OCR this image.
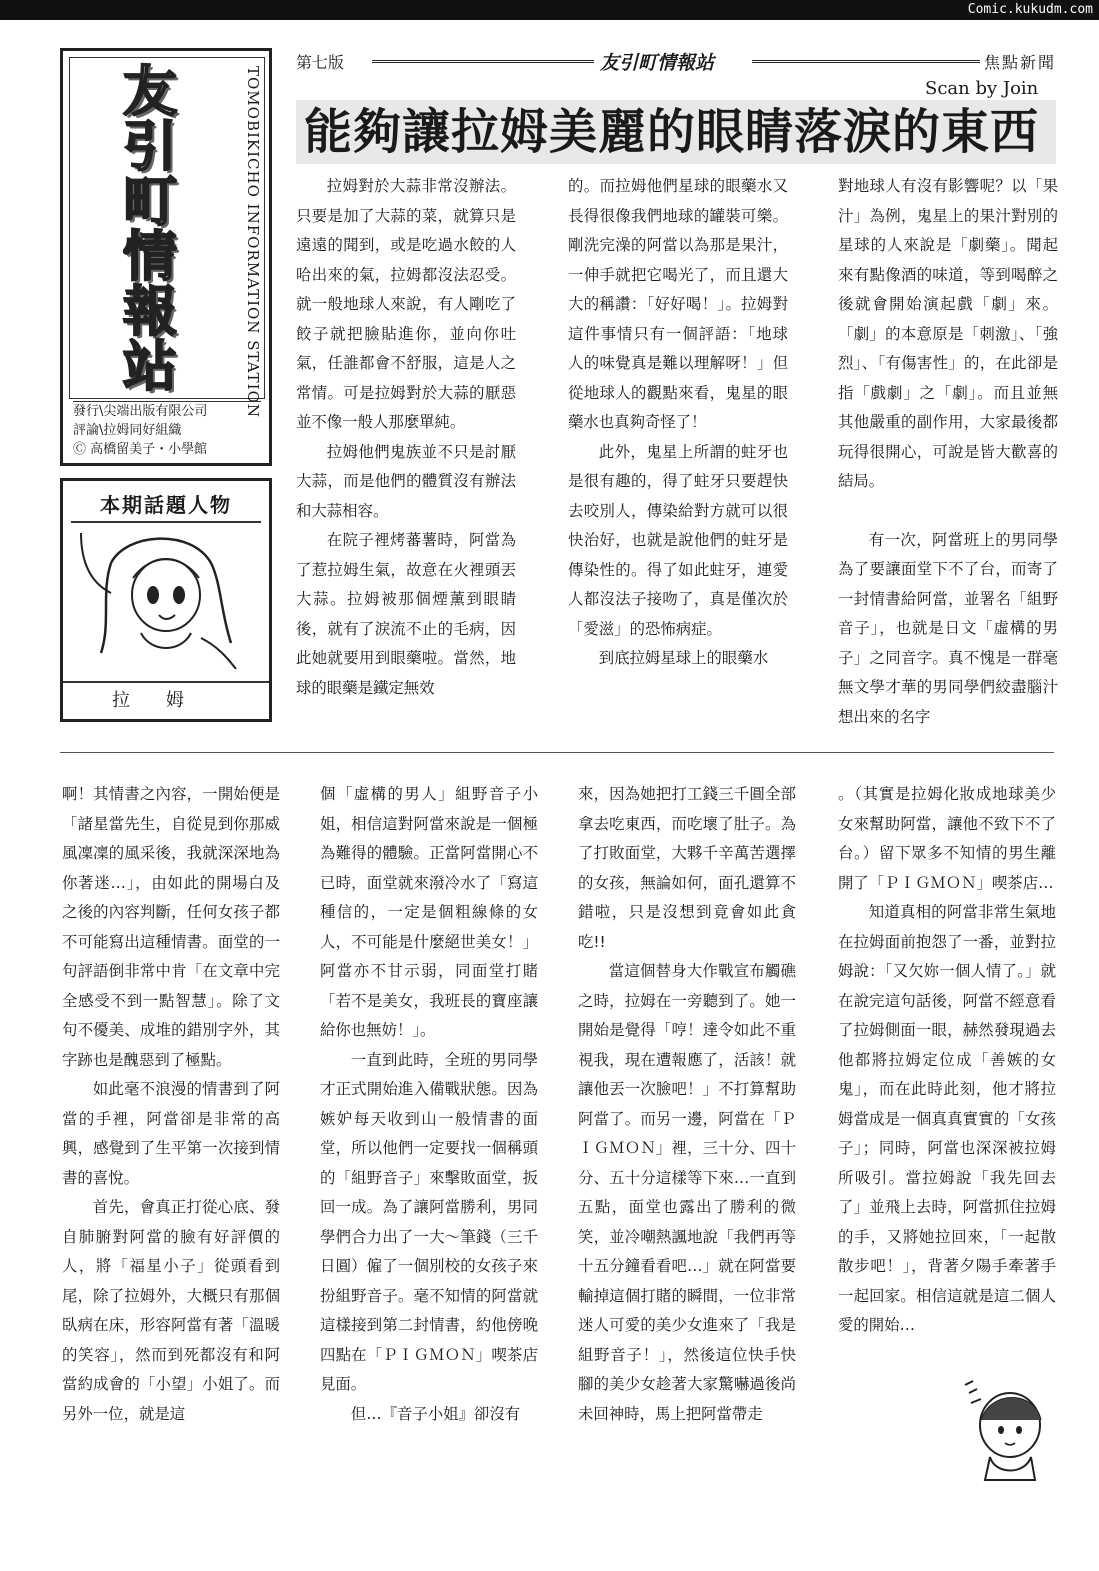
Comic.kukudm.com
友
引
町
情
報
站	TOMOBIKICHO INFORMATION STATION
發行\尖端出版有限公司
評論\拉姆同好組織
Ⓒ 高橋留美子・小學館
本期話題人物
拉姆
第七版	友引町情報站	焦點新聞
Scan by Join
能夠讓拉姆美麗的眼睛落淚的東西

拉姆對於大蒜非常沒辦法。只要是加了大蒜的菜，就算只是遠遠的聞到，或是吃過水餃的人哈出來的氣，拉姆都沒法忍受。就一般地球人來說，有人剛吃了餃子就把臉貼進你，並向你吐氣，任誰都會不舒服，這是人之常情。可是拉姆對於大蒜的厭惡並不像一般人那麼單純。

拉姆他們鬼族並不只是討厭大蒜，而是他們的體質沒有辦法和大蒜相容。

在院子裡烤蕃薯時，阿當為了惹拉姆生氣，故意在火裡頭丟大蒜。拉姆被那個煙薰到眼睛後，就有了淚流不止的毛病，因此她就要用到眼藥啦。當然，地球的眼藥是鐵定無效

的。而拉姆他們星球的眼藥水又長得很像我們地球的罐裝可樂。剛洗完澡的阿當以為那是果汁，一伸手就把它喝光了，而且還大大的稱讚：「好好喝！」。拉姆對這件事情只有一個評語：「地球人的味覺真是難以理解呀！」但從地球人的觀點來看，鬼星的眼藥水也真夠奇怪了！

此外，鬼星上所謂的蛀牙也是很有趣的，得了蛀牙只要趕快去咬別人，傳染給對方就可以很快治好，也就是說他們的蛀牙是傳染性的。得了如此蛀牙，連愛人都沒法子接吻了，真是僅次於「愛滋」的恐怖病症。

到底拉姆星球上的眼藥水

對地球人有沒有影響呢？以「果汁」為例，鬼星上的果汁對別的星球的人來說是「劇藥」。聞起來有點像酒的味道，等到喝醉之後就會開始演起戲「劇」來。「劇」的本意原是「刺激」、「強烈」、「有傷害性」的，在此卻是指「戲劇」之「劇」。而且並無其他嚴重的副作用，大家最後都玩得很開心，可說是皆大歡喜的結局。

有一次，阿當班上的男同學為了要讓面堂下不了台，而寄了一封情書給阿當，並署名「組野音子」，也就是日文「虛構的男子」之同音字。真不愧是一群毫無文學才華的男同學們絞盡腦汁想出來的名字

啊！其情書之內容，一開始便是「諸星當先生，自從見到你那威風凜凜的風采後，我就深深地為你著迷…」，由如此的開場白及之後的內容判斷，任何女孩子都不可能寫出這種情書。面堂的一句評語倒非常中肯「在文章中完全感受不到一點智慧」。除了文句不優美、成堆的錯別字外，其字跡也是醜惡到了極點。

如此毫不浪漫的情書到了阿當的手裡，阿當卻是非常的高興，感覺到了生平第一次接到情書的喜悅。

首先，會真正打從心底、發自肺腑對阿當的臉有好評價的人，將「福星小子」從頭看到尾，除了拉姆外，大概只有那個臥病在床，形容阿當有著「溫暖的笑容」，然而到死都沒有和阿當約成會的「小望」小姐了。而另外一位，就是這

個「虛構的男人」組野音子小姐，相信這對阿當來說是一個極為難得的體驗。正當阿當開心不已時，面堂就來潑冷水了「寫這種信的，一定是個粗線條的女人，不可能是什麼絕世美女！」阿當亦不甘示弱，同面堂打賭「若不是美女，我班長的寶座讓給你也無妨！」。

一直到此時，全班的男同學才正式開始進入備戰狀態。因為嫉妒每天收到山一般情書的面堂，所以他們一定要找一個稱頭的「組野音子」來擊敗面堂，扳回一成。為了讓阿當勝利，男同學們合力出了一大～筆錢（三千日圓）僱了一個別校的女孩子來扮組野音子。毫不知情的阿當就這樣接到第二封情書，約他傍晚四點在「ＰＩＧＭＯＮ」喫茶店見面。

但…『音子小姐』卻沒有

來，因為她把打工錢三千圓全部拿去吃東西，而吃壞了肚子。為了打敗面堂，大夥千辛萬苦選擇的女孩，無論如何，面孔還算不錯啦，只是沒想到竟會如此貪吃!!

當這個替身大作戰宣布觸礁之時，拉姆在一旁聽到了。她一開始是覺得「哼！達令如此不重視我，現在遭報應了，活該！就讓他丟一次臉吧！」不打算幫助阿當了。而另一邊，阿當在「ＰＩＧＭＯＮ」裡，三十分、四十分、五十分這樣等下來…一直到五點，面堂也露出了勝利的微笑，並冷嘲熱諷地說「我們再等十五分鐘看看吧…」就在阿當要輸掉這個打賭的瞬間，一位非常迷人可愛的美少女進來了「我是組野音子！」，然後這位快手快腳的美少女趁著大家驚嚇過後尚未回神時，馬上把阿當帶走

。（其實是拉姆化妝成地球美少女來幫助阿當，讓他不致下不了台。）留下眾多不知情的男生離開了「ＰＩＧＭＯＮ」喫茶店…

知道真相的阿當非常生氣地在拉姆面前抱怨了一番，並對拉姆說：「又欠妳一個人情了。」就在說完這句話後，阿當不經意看了拉姆側面一眼，赫然發現過去他都將拉姆定位成「善嫉的女鬼」，而在此時此刻，他才將拉姆當成是一個真真實實的「女孩子」；同時，阿當也深深被拉姆所吸引。當拉姆說「我先回去了」並飛上去時，阿當抓住拉姆的手，又將她拉回來，「一起散散步吧！」，背著夕陽手牽著手一起回家。相信這就是這二個人愛的開始…
